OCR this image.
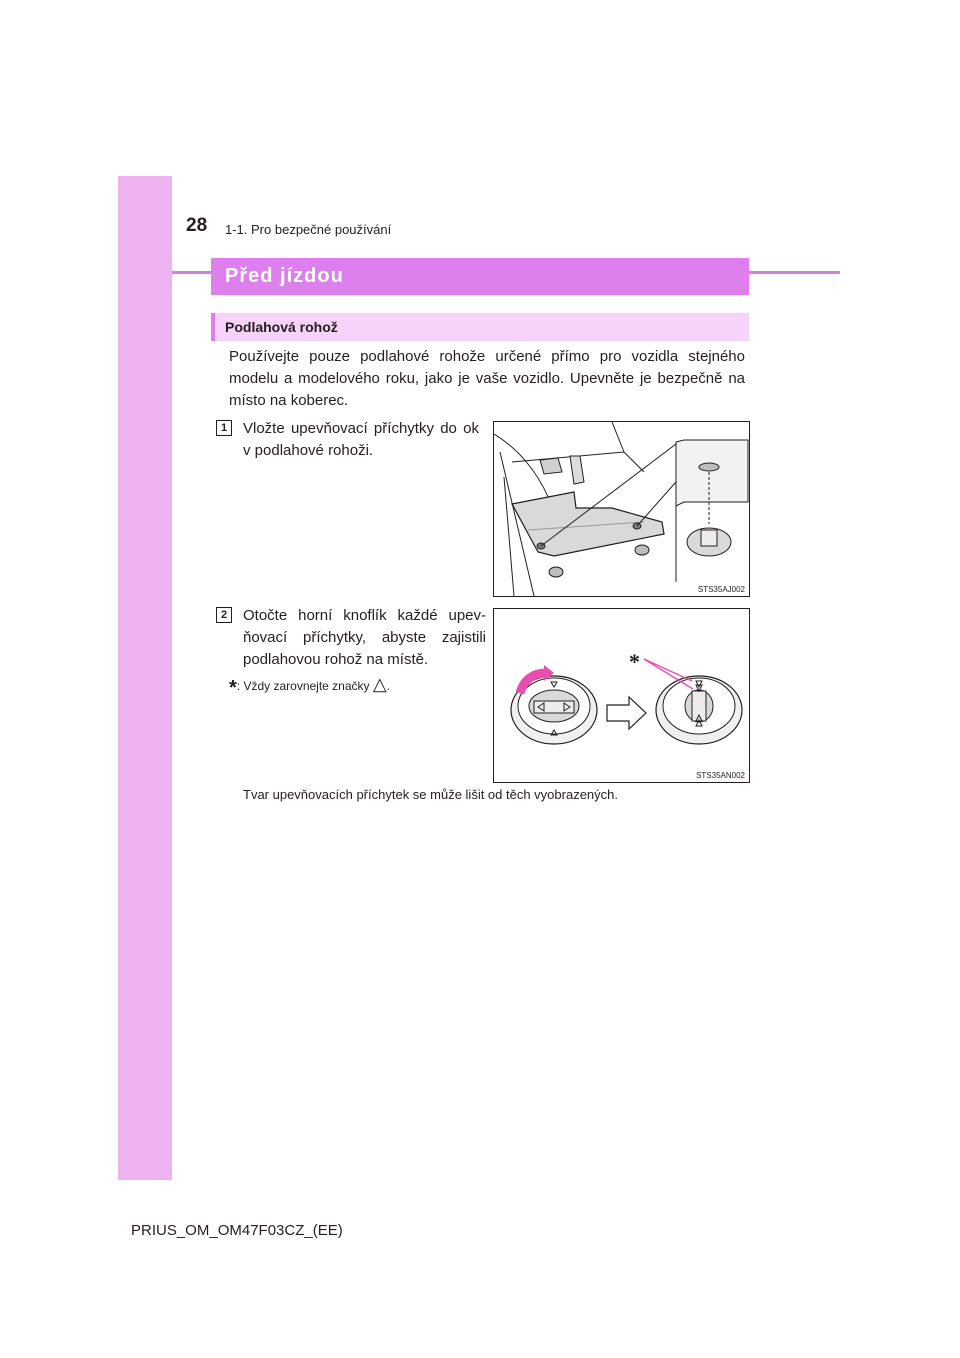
28 1-1. Pro bezpečné používání
Před jízdou
Podlahová rohož
Používejte pouze podlahové rohože určené přímo pro vozidla stejného modelu a modelového roku, jako je vaše vozidlo. Upevněte je bezpečně na místo na koberec.
1	Vložte upevňovací příchytky do ok v podlahové rohoži.
STS35AJ002
2	Otočte horní knoflík každé upev-ňovací příchytky, abyste zajistili podlahovou rohož na místě.
*: Vždy zarovnejte značky △.
*
STS35AN002
Tvar upevňovacích příchytek se může lišit od těch vyobrazených.
PRIUS_OM_OM47F03CZ_(EE)
